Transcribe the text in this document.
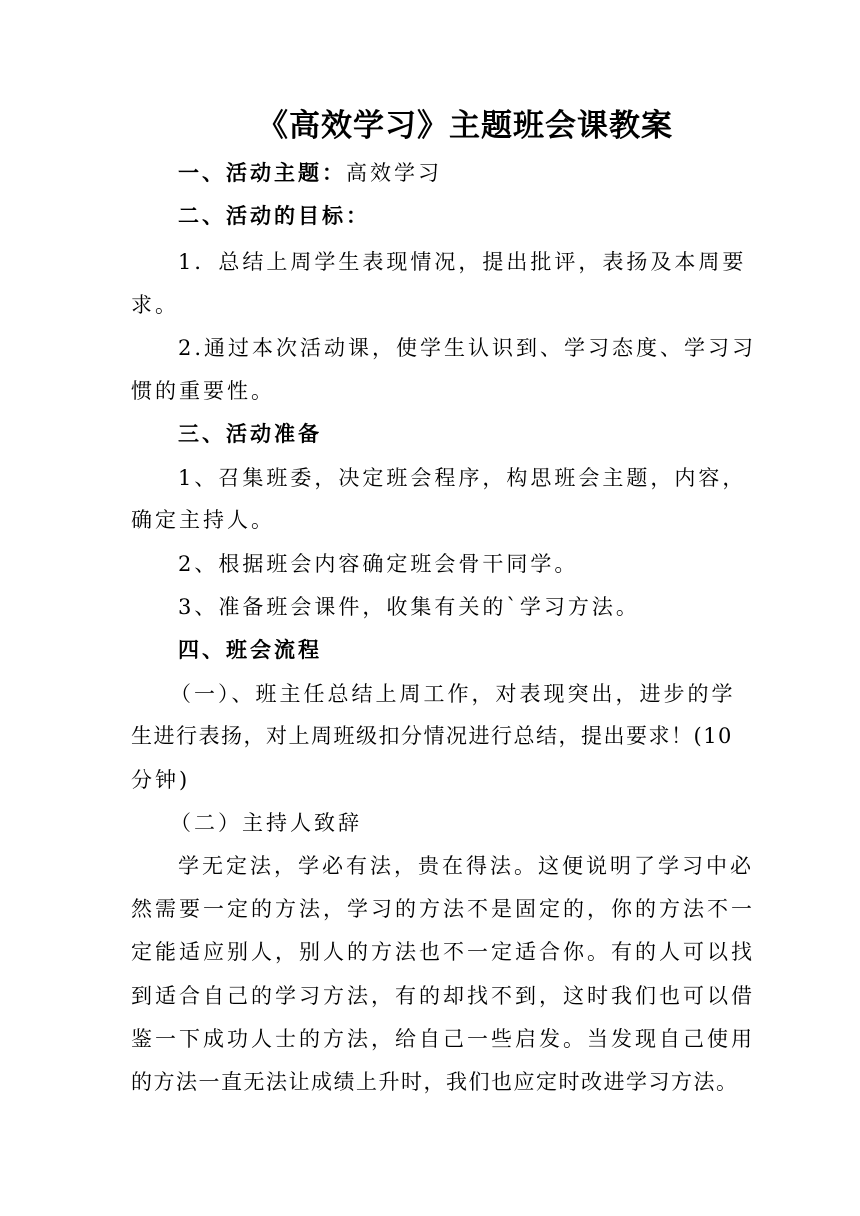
《高效学习》主题班会课教案
一、活动主题：高效学习
二、活动的目标：
1．总结上周学生表现情况，提出批评，表扬及本周要
求。
2.通过本次活动课，使学生认识到、学习态度、学习习
惯的重要性。
三、活动准备
1、召集班委，决定班会程序，构思班会主题，内容，
确定主持人。
2、根据班会内容确定班会骨干同学。
3、准备班会课件，收集有关的`学习方法。
四、班会流程
（一）、班主任总结上周工作，对表现突出，进步的学
生进行表扬，对上周班级扣分情况进行总结，提出要求！(10
分钟)
（二）主持人致辞
学无定法，学必有法，贵在得法。这便说明了学习中必
然需要一定的方法，学习的方法不是固定的，你的方法不一
定能适应别人，别人的方法也不一定适合你。有的人可以找
到适合自己的学习方法，有的却找不到，这时我们也可以借
鉴一下成功人士的方法，给自己一些启发。当发现自己使用
的方法一直无法让成绩上升时，我们也应定时改进学习方法。
